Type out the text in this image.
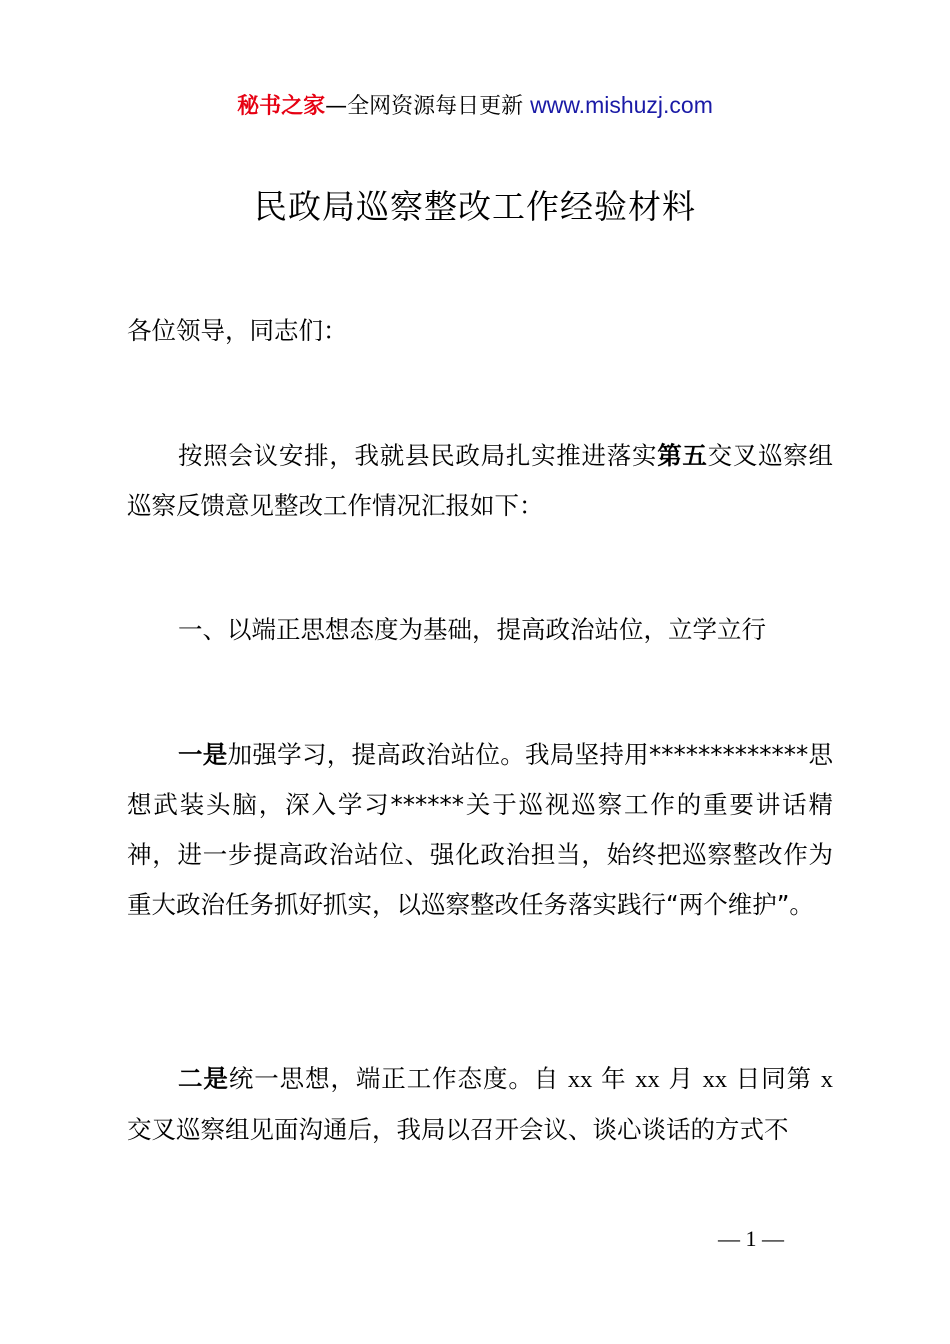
秘书之家—全网资源每日更新 www.mishuzj.com
民政局巡察整改工作经验材料

各位领导，同志们：

按照会议安排，我就县民政局扎实推进落实第五交叉巡察组巡察反馈意见整改工作情况汇报如下：

一、以端正思想态度为基础，提高政治站位，立学立行

一是加强学习，提高政治站位。我局坚持用*************思想武装头脑，深入学习******关于巡视巡察工作的重要讲话精神，进一步提高政治站位、强化政治担当，始终把巡察整改作为重大政治任务抓好抓实，以巡察整改任务落实践行“两个维护”。

二是统一思想，端正工作态度。自 xx 年 xx 月 xx 日同第 x 交叉巡察组见面沟通后，我局以召开会议、谈心谈话的方式不

— 1 —
